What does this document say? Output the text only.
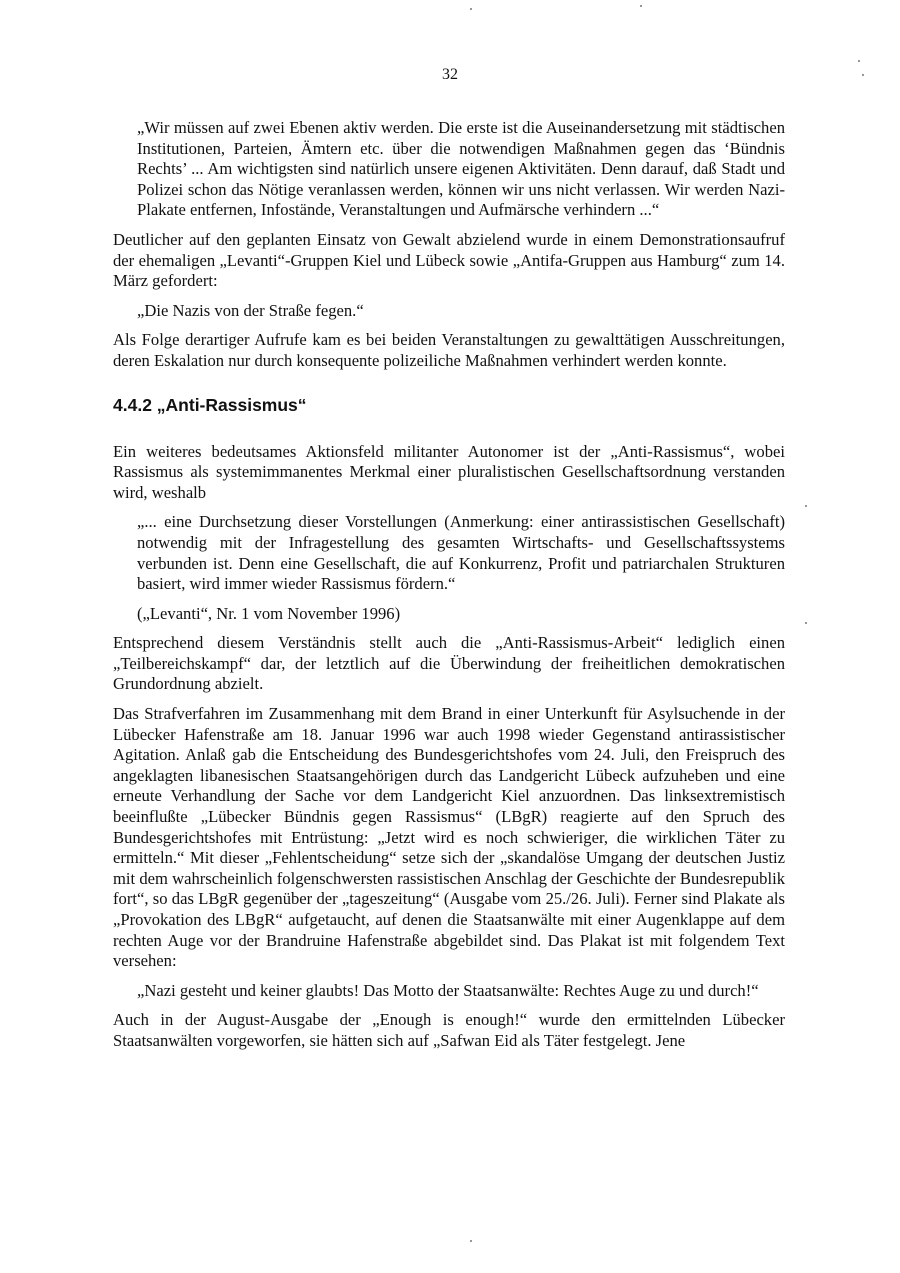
32

„Wir müssen auf zwei Ebenen aktiv werden. Die erste ist die Auseinandersetzung mit städtischen Institutionen, Parteien, Ämtern etc. über die notwendigen Maßnahmen gegen das ‘Bündnis Rechts’ ... Am wichtigsten sind natürlich unsere eigenen Aktivitäten. Denn darauf, daß Stadt und Polizei schon das Nötige veranlassen werden, können wir uns nicht verlassen. Wir werden Nazi-Plakate entfernen, Infostände, Veranstaltungen und Aufmärsche verhindern ...“

Deutlicher auf den geplanten Einsatz von Gewalt abzielend wurde in einem Demonstrationsaufruf der ehemaligen „Levanti“-Gruppen Kiel und Lübeck sowie „Antifa-Gruppen aus Hamburg“ zum 14. März gefordert:

„Die Nazis von der Straße fegen.“

Als Folge derartiger Aufrufe kam es bei beiden Veranstaltungen zu gewalttätigen Ausschreitungen, deren Eskalation nur durch konsequente polizeiliche Maßnahmen verhindert werden konnte.

4.4.2 „Anti-Rassismus“

Ein weiteres bedeutsames Aktionsfeld militanter Autonomer ist der „Anti-Rassismus“, wobei Rassismus als systemimmanentes Merkmal einer pluralistischen Gesellschaftsordnung verstanden wird, weshalb

„... eine Durchsetzung dieser Vorstellungen (Anmerkung: einer antirassistischen Gesellschaft) notwendig mit der Infragestellung des gesamten Wirtschafts- und Gesellschaftssystems verbunden ist. Denn eine Gesellschaft, die auf Konkurrenz, Profit und patriarchalen Strukturen basiert, wird immer wieder Rassismus fördern.“

(„Levanti“, Nr. 1 vom November 1996)

Entsprechend diesem Verständnis stellt auch die „Anti-Rassismus-Arbeit“ lediglich einen „Teilbereichskampf“ dar, der letztlich auf die Überwindung der freiheitlichen demokratischen Grundordnung abzielt.

Das Strafverfahren im Zusammenhang mit dem Brand in einer Unterkunft für Asylsuchende in der Lübecker Hafenstraße am 18. Januar 1996 war auch 1998 wieder Gegenstand antirassistischer Agitation. Anlaß gab die Entscheidung des Bundesgerichtshofes vom 24. Juli, den Freispruch des angeklagten libanesischen Staatsangehörigen durch das Landgericht Lübeck aufzuheben und eine erneute Verhandlung der Sache vor dem Landgericht Kiel anzuordnen. Das linksextremistisch beeinflußte „Lübecker Bündnis gegen Rassismus“ (LBgR) reagierte auf den Spruch des Bundesgerichtshofes mit Entrüstung: „Jetzt wird es noch schwieriger, die wirklichen Täter zu ermitteln.“ Mit dieser „Fehlentscheidung“ setze sich der „skandalöse Umgang der deutschen Justiz mit dem wahrscheinlich folgenschwersten rassistischen Anschlag der Geschichte der Bundesrepublik fort“, so das LBgR gegenüber der „tageszeitung“ (Ausgabe vom 25./26. Juli). Ferner sind Plakate als „Provokation des LBgR“ aufgetaucht, auf denen die Staatsanwälte mit einer Augenklappe auf dem rechten Auge vor der Brandruine Hafenstraße abgebildet sind. Das Plakat ist mit folgendem Text versehen:

„Nazi gesteht und keiner glaubts! Das Motto der Staatsanwälte: Rechtes Auge zu und durch!“

Auch in der August-Ausgabe der „Enough is enough!“ wurde den ermittelnden Lübecker Staatsanwälten vorgeworfen, sie hätten sich auf „Safwan Eid als Täter festgelegt. Jene
